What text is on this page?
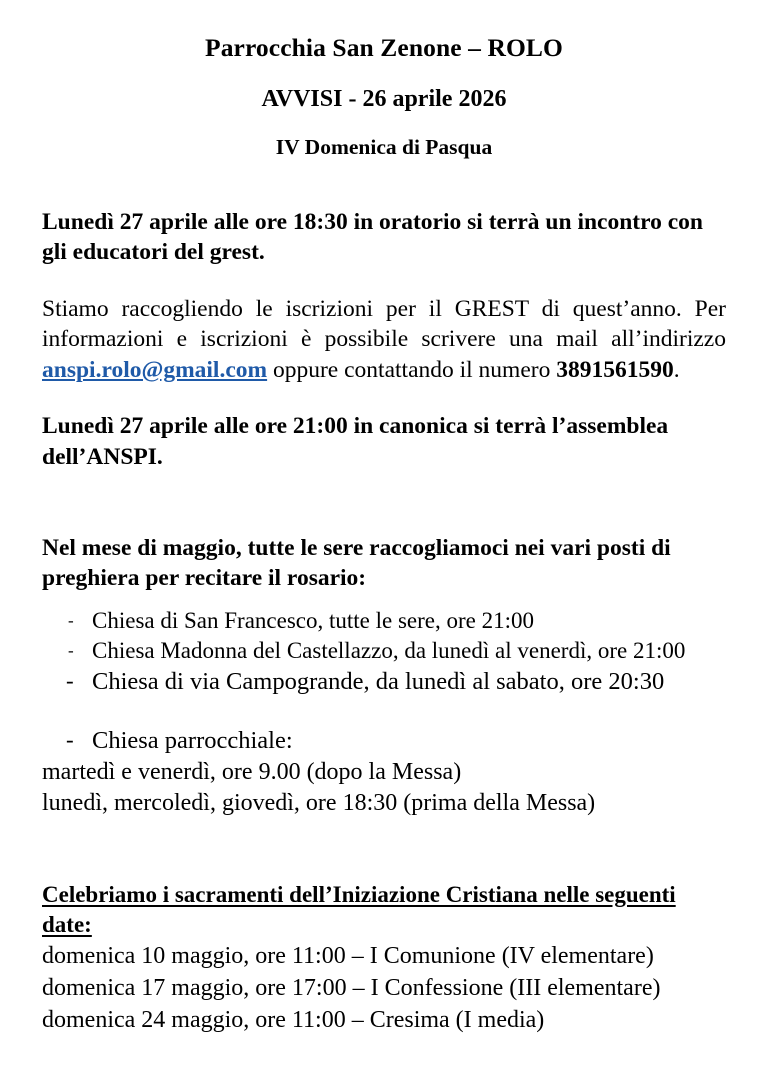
Parrocchia San Zenone – ROLO
AVVISI - 26 aprile 2026
IV Domenica di Pasqua
Lunedì 27 aprile alle ore 18:30 in oratorio si terrà un incontro con gli educatori del grest.
Stiamo raccogliendo le iscrizioni per il GREST di quest’anno. Per informazioni e iscrizioni è possibile scrivere una mail all’indirizzo anspi.rolo@gmail.com oppure contattando il numero 3891561590.
Lunedì 27 aprile alle ore 21:00 in canonica si terrà l’assemblea dell’ANSPI.
Nel mese di maggio, tutte le sere raccogliamoci nei vari posti di preghiera per recitare il rosario:
- Chiesa di San Francesco, tutte le sere, ore 21:00
- Chiesa Madonna del Castellazzo, da lunedì al venerdì, ore 21:00
- Chiesa di via Campogrande, da lunedì al sabato, ore 20:30
- Chiesa parrocchiale:
martedì e venerdì, ore 9.00 (dopo la Messa)
lunedì, mercoledì, giovedì, ore 18:30 (prima della Messa)
Celebriamo i sacramenti dell’Iniziazione Cristiana nelle seguenti date:
domenica 10 maggio, ore 11:00 – I Comunione (IV elementare)
domenica 17 maggio, ore 17:00 – I Confessione (III elementare)
domenica 24 maggio, ore 11:00 – Cresima (I media)
